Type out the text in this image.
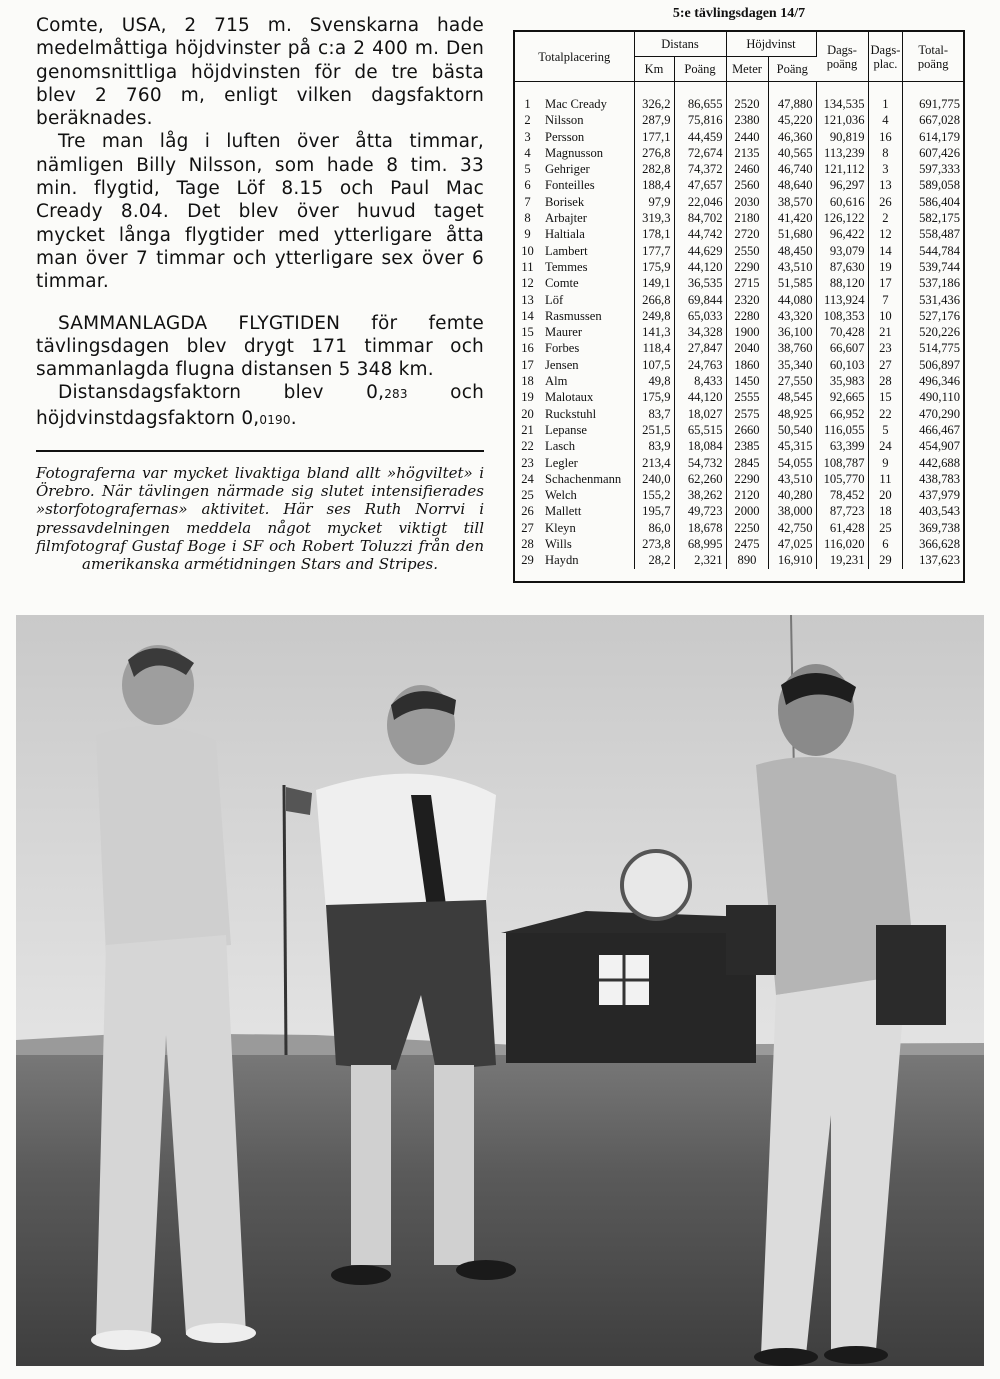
Comte, USA, 2 715 m. Svenskarna hade medelmåttiga höjdvinster på c:a 2 400 m. Den genomsnittliga höjdvinsten för de tre bästa blev 2 760 m, enligt vilken dagsfaktorn beräknades.

Tre man låg i luften över åtta timmar, nämligen Billy Nilsson, som hade 8 tim. 33 min. flygtid, Tage Löf 8.15 och Paul Mac Cready 8.04. Det blev över huvud taget mycket långa flygtider med ytterligare åtta man över 7 timmar och ytterligare sex över 6 timmar.

SAMMANLAGDA FLYGTIDEN för femte tävlingsdagen blev drygt 171 timmar och sammanlagda flugna distansen 5 348 km.

Distansdagsfaktorn blev 0,283 och höjdvinstdagsfaktorn 0,0190.

Fotograferna var mycket livaktiga bland allt »högviltet» i Örebro. När tävlingen närmade sig slutet intensifierades »storfotografernas» aktivitet. Här ses Ruth Norrvi i pressavdelningen meddela något mycket viktigt till filmfotograf Gustaf Boge i SF och Robert Toluzzi från den amerikanska armétidningen Stars and Stripes.

5:e tävlingsdagen 14/7
Totalplacering		Distans		Höjdvinst		Dags-poäng	Dags-plac.	Total-poäng
		Km	Poäng	Meter	Poäng			

1	Mac Cready	326,2	86,655	2520	47,880	134,535	1	691,775
2	Nilsson	287,9	75,816	2380	45,220	121,036	4	667,028
3	Persson	177,1	44,459	2440	46,360	90,819	16	614,179
4	Magnusson	276,8	72,674	2135	40,565	113,239	8	607,426
5	Gehriger	282,8	74,372	2460	46,740	121,112	3	597,333
6	Fonteilles	188,4	47,657	2560	48,640	96,297	13	589,058
7	Borisek	97,9	22,046	2030	38,570	60,616	26	586,404
8	Arbajter	319,3	84,702	2180	41,420	126,122	2	582,175
9	Haltiala	178,1	44,742	2720	51,680	96,422	12	558,487
10	Lambert	177,7	44,629	2550	48,450	93,079	14	544,784
11	Temmes	175,9	44,120	2290	43,510	87,630	19	539,744
12	Comte	149,1	36,535	2715	51,585	88,120	17	537,186
13	Löf	266,8	69,844	2320	44,080	113,924	7	531,436
14	Rasmussen	249,8	65,033	2280	43,320	108,353	10	527,176
15	Maurer	141,3	34,328	1900	36,100	70,428	21	520,226
16	Forbes	118,4	27,847	2040	38,760	66,607	23	514,775
17	Jensen	107,5	24,763	1860	35,340	60,103	27	506,897
18	Alm	49,8	8,433	1450	27,550	35,983	28	496,346
19	Malotaux	175,9	44,120	2555	48,545	92,665	15	490,110
20	Ruckstuhl	83,7	18,027	2575	48,925	66,952	22	470,290
21	Lepanse	251,5	65,515	2660	50,540	116,055	5	466,467
22	Lasch	83,9	18,084	2385	45,315	63,399	24	454,907
23	Legler	213,4	54,732	2845	54,055	108,787	9	442,688
24	Schachenmann	240,0	62,260	2290	43,510	105,770	11	438,783
25	Welch	155,2	38,262	2120	40,280	78,452	20	437,979
26	Mallett	195,7	49,723	2000	38,000	87,723	18	403,543
27	Kleyn	86,0	18,678	2250	42,750	61,428	25	369,738
28	Wills	273,8	68,995	2475	47,025	116,020	6	366,628
29	Haydn	28,2	2,321	890	16,910	19,231	29	137,623
